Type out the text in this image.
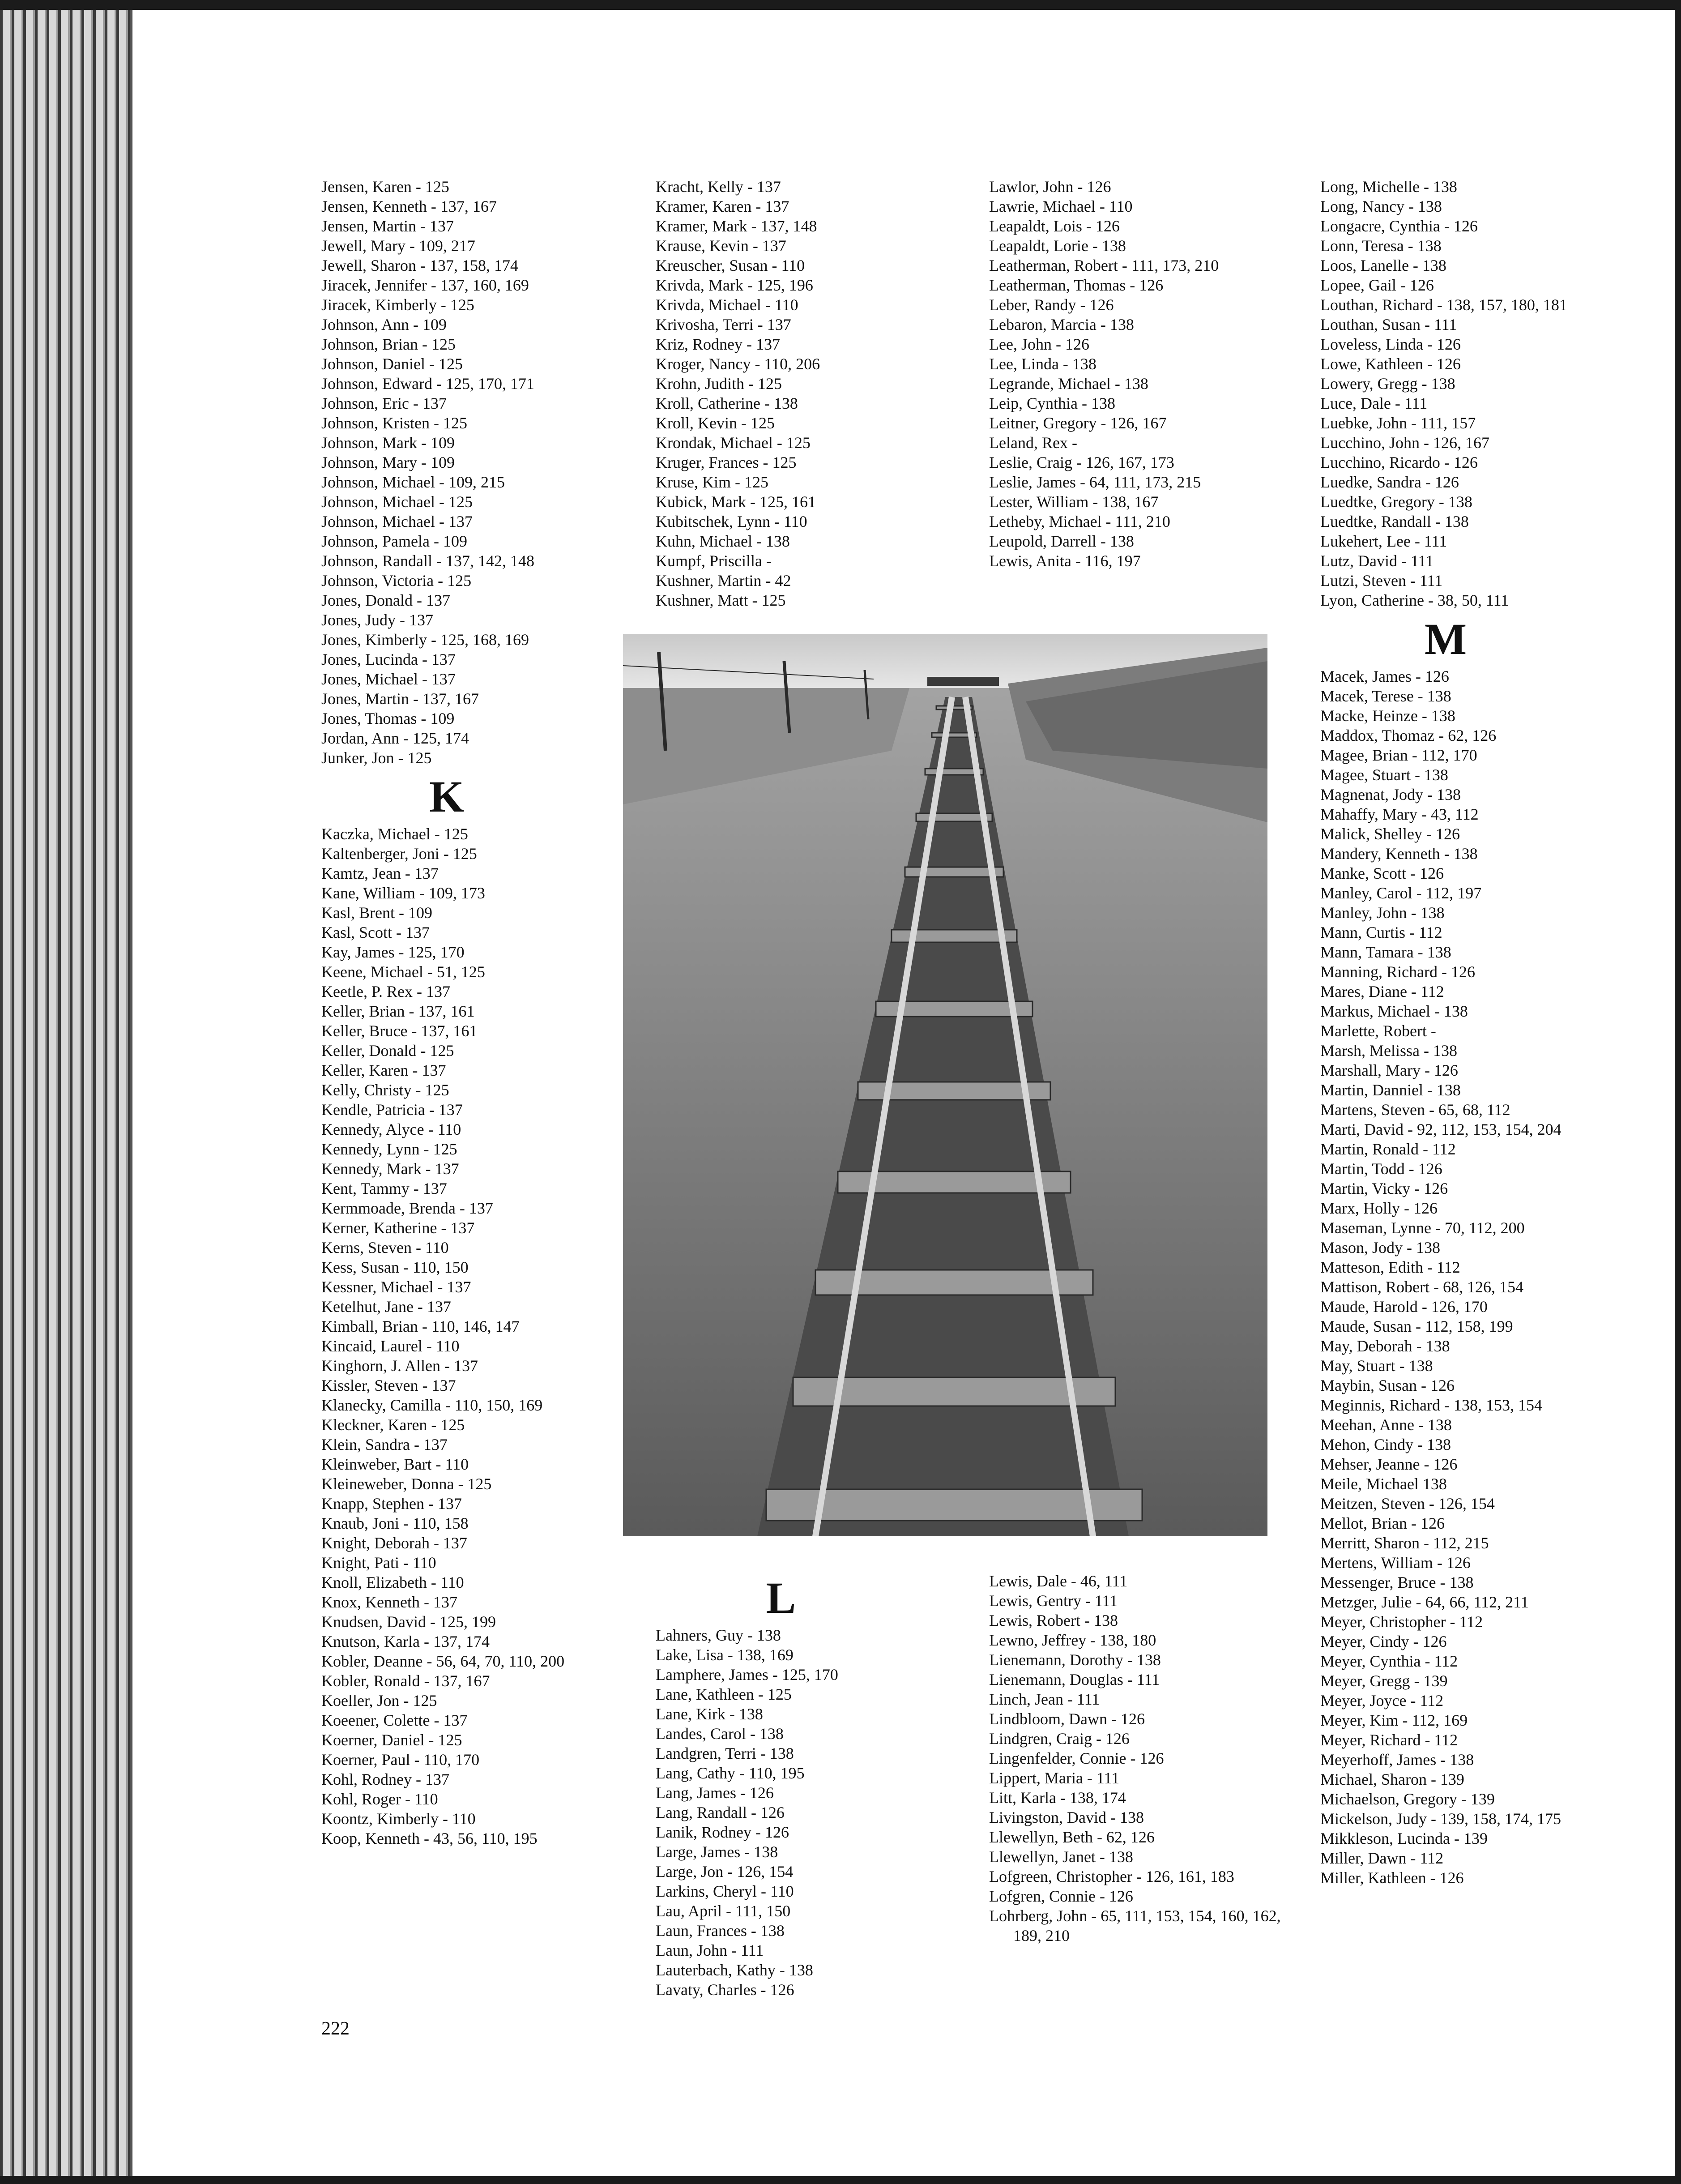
Jensen, Karen - 125
Jensen, Kenneth - 137, 167
Jensen, Martin - 137
Jewell, Mary - 109, 217
Jewell, Sharon - 137, 158, 174
Jiracek, Jennifer - 137, 160, 169
Jiracek, Kimberly - 125
Johnson, Ann - 109
Johnson, Brian - 125
Johnson, Daniel - 125
Johnson, Edward - 125, 170, 171
Johnson, Eric - 137
Johnson, Kristen - 125
Johnson, Mark - 109
Johnson, Mary - 109
Johnson, Michael - 109, 215
Johnson, Michael - 125
Johnson, Michael - 137
Johnson, Pamela - 109
Johnson, Randall - 137, 142, 148
Johnson, Victoria - 125
Jones, Donald - 137
Jones, Judy - 137
Jones, Kimberly - 125, 168, 169
Jones, Lucinda - 137
Jones, Michael - 137
Jones, Martin - 137, 167
Jones, Thomas - 109
Jordan, Ann - 125, 174
Junker, Jon - 125
K
Kaczka, Michael - 125
Kaltenberger, Joni - 125
Kamtz, Jean - 137
Kane, William - 109, 173
Kasl, Brent - 109
Kasl, Scott - 137
Kay, James - 125, 170
Keene, Michael - 51, 125
Keetle, P. Rex - 137
Keller, Brian - 137, 161
Keller, Bruce - 137, 161
Keller, Donald - 125
Keller, Karen - 137
Kelly, Christy - 125
Kendle, Patricia - 137
Kennedy, Alyce - 110
Kennedy, Lynn - 125
Kennedy, Mark - 137
Kent, Tammy - 137
Kermmoade, Brenda - 137
Kerner, Katherine - 137
Kerns, Steven - 110
Kess, Susan - 110, 150
Kessner, Michael - 137
Ketelhut, Jane - 137
Kimball, Brian - 110, 146, 147
Kincaid, Laurel - 110
Kinghorn, J. Allen - 137
Kissler, Steven - 137
Klanecky, Camilla - 110, 150, 169
Kleckner, Karen - 125
Klein, Sandra - 137
Kleinweber, Bart - 110
Kleineweber, Donna - 125
Knapp, Stephen - 137
Knaub, Joni - 110, 158
Knight, Deborah - 137
Knight, Pati - 110
Knoll, Elizabeth - 110
Knox, Kenneth - 137
Knudsen, David - 125, 199
Knutson, Karla - 137, 174
Kobler, Deanne - 56, 64, 70, 110, 200
Kobler, Ronald - 137, 167
Koeller, Jon - 125
Koeener, Colette - 137
Koerner, Daniel - 125
Koerner, Paul - 110, 170
Kohl, Rodney - 137
Kohl, Roger - 110
Koontz, Kimberly - 110
Koop, Kenneth - 43, 56, 110, 195
Kracht, Kelly - 137
Kramer, Karen - 137
Kramer, Mark - 137, 148
Krause, Kevin - 137
Kreuscher, Susan - 110
Krivda, Mark - 125, 196
Krivda, Michael - 110
Krivosha, Terri - 137
Kriz, Rodney - 137
Kroger, Nancy - 110, 206
Krohn, Judith - 125
Kroll, Catherine - 138
Kroll, Kevin - 125
Krondak, Michael - 125
Kruger, Frances - 125
Kruse, Kim - 125
Kubick, Mark - 125, 161
Kubitschek, Lynn - 110
Kuhn, Michael - 138
Kumpf, Priscilla -
Kushner, Martin - 42
Kushner, Matt - 125
Lawlor, John - 126
Lawrie, Michael - 110
Leapaldt, Lois - 126
Leapaldt, Lorie - 138
Leatherman, Robert - 111, 173, 210
Leatherman, Thomas - 126
Leber, Randy - 126
Lebaron, Marcia - 138
Lee, John - 126
Lee, Linda - 138
Legrande, Michael - 138
Leip, Cynthia - 138
Leitner, Gregory - 126, 167
Leland, Rex -
Leslie, Craig - 126, 167, 173
Leslie, James - 64, 111, 173, 215
Lester, William - 138, 167
Letheby, Michael - 111, 210
Leupold, Darrell - 138
Lewis, Anita - 116, 197
Long, Michelle - 138
Long, Nancy - 138
Longacre, Cynthia - 126
Lonn, Teresa - 138
Loos, Lanelle - 138
Lopee, Gail - 126
Louthan, Richard - 138, 157, 180, 181
Louthan, Susan - 111
Loveless, Linda - 126
Lowe, Kathleen - 126
Lowery, Gregg - 138
Luce, Dale - 111
Luebke, John - 111, 157
Lucchino, John - 126, 167
Lucchino, Ricardo - 126
Luedke, Sandra - 126
Luedtke, Gregory - 138
Luedtke, Randall - 138
Lukehert, Lee - 111
Lutz, David - 111
Lutzi, Steven - 111
Lyon, Catherine - 38, 50, 111
M
Macek, James - 126
Macek, Terese - 138
Macke, Heinze - 138
Maddox, Thomaz - 62, 126
Magee, Brian - 112, 170
Magee, Stuart - 138
Magnenat, Jody - 138
Mahaffy, Mary - 43, 112
Malick, Shelley - 126
Mandery, Kenneth - 138
Manke, Scott - 126
Manley, Carol - 112, 197
Manley, John - 138
Mann, Curtis - 112
Mann, Tamara - 138
Manning, Richard - 126
Mares, Diane - 112
Markus, Michael - 138
Marlette, Robert -
Marsh, Melissa - 138
Marshall, Mary - 126
Martin, Danniel - 138
Martens, Steven - 65, 68, 112
Marti, David - 92, 112, 153, 154, 204
Martin, Ronald - 112
Martin, Todd - 126
Martin, Vicky - 126
Marx, Holly - 126
Maseman, Lynne - 70, 112, 200
Mason, Jody - 138
Matteson, Edith - 112
Mattison, Robert - 68, 126, 154
Maude, Harold - 126, 170
Maude, Susan - 112, 158, 199
May, Deborah - 138
May, Stuart - 138
Maybin, Susan - 126
Meginnis, Richard - 138, 153, 154
Meehan, Anne - 138
Mehon, Cindy - 138
Mehser, Jeanne - 126
Meile, Michael 138
Meitzen, Steven - 126, 154
Mellot, Brian - 126
Merritt, Sharon - 112, 215
Mertens, William - 126
Messenger, Bruce - 138
Metzger, Julie - 64, 66, 112, 211
Meyer, Christopher - 112
Meyer, Cindy - 126
Meyer, Cynthia - 112
Meyer, Gregg - 139
Meyer, Joyce - 112
Meyer, Kim - 112, 169
Meyer, Richard - 112
Meyerhoff, James - 138
Michael, Sharon - 139
Michaelson, Gregory - 139
Mickelson, Judy - 139, 158, 174, 175
Mikkleson, Lucinda - 139
Miller, Dawn - 112
Miller, Kathleen - 126
L
Lahners, Guy - 138
Lake, Lisa - 138, 169
Lamphere, James - 125, 170
Lane, Kathleen - 125
Lane, Kirk - 138
Landes, Carol - 138
Landgren, Terri - 138
Lang, Cathy - 110, 195
Lang, James - 126
Lang, Randall - 126
Lanik, Rodney - 126
Large, James - 138
Large, Jon - 126, 154
Larkins, Cheryl - 110
Lau, April - 111, 150
Laun, Frances - 138
Laun, John - 111
Lauterbach, Kathy - 138
Lavaty, Charles - 126
Lewis, Dale - 46, 111
Lewis, Gentry - 111
Lewis, Robert - 138
Lewno, Jeffrey - 138, 180
Lienemann, Dorothy - 138
Lienemann, Douglas - 111
Linch, Jean - 111
Lindbloom, Dawn - 126
Lindgren, Craig - 126
Lingenfelder, Connie - 126
Lippert, Maria - 111
Litt, Karla - 138, 174
Livingston, David - 138
Llewellyn, Beth - 62, 126
Llewellyn, Janet - 138
Lofgreen, Christopher - 126, 161, 183
Lofgren, Connie - 126
Lohrberg, John - 65, 111, 153, 154, 160, 162, 189, 210
222
